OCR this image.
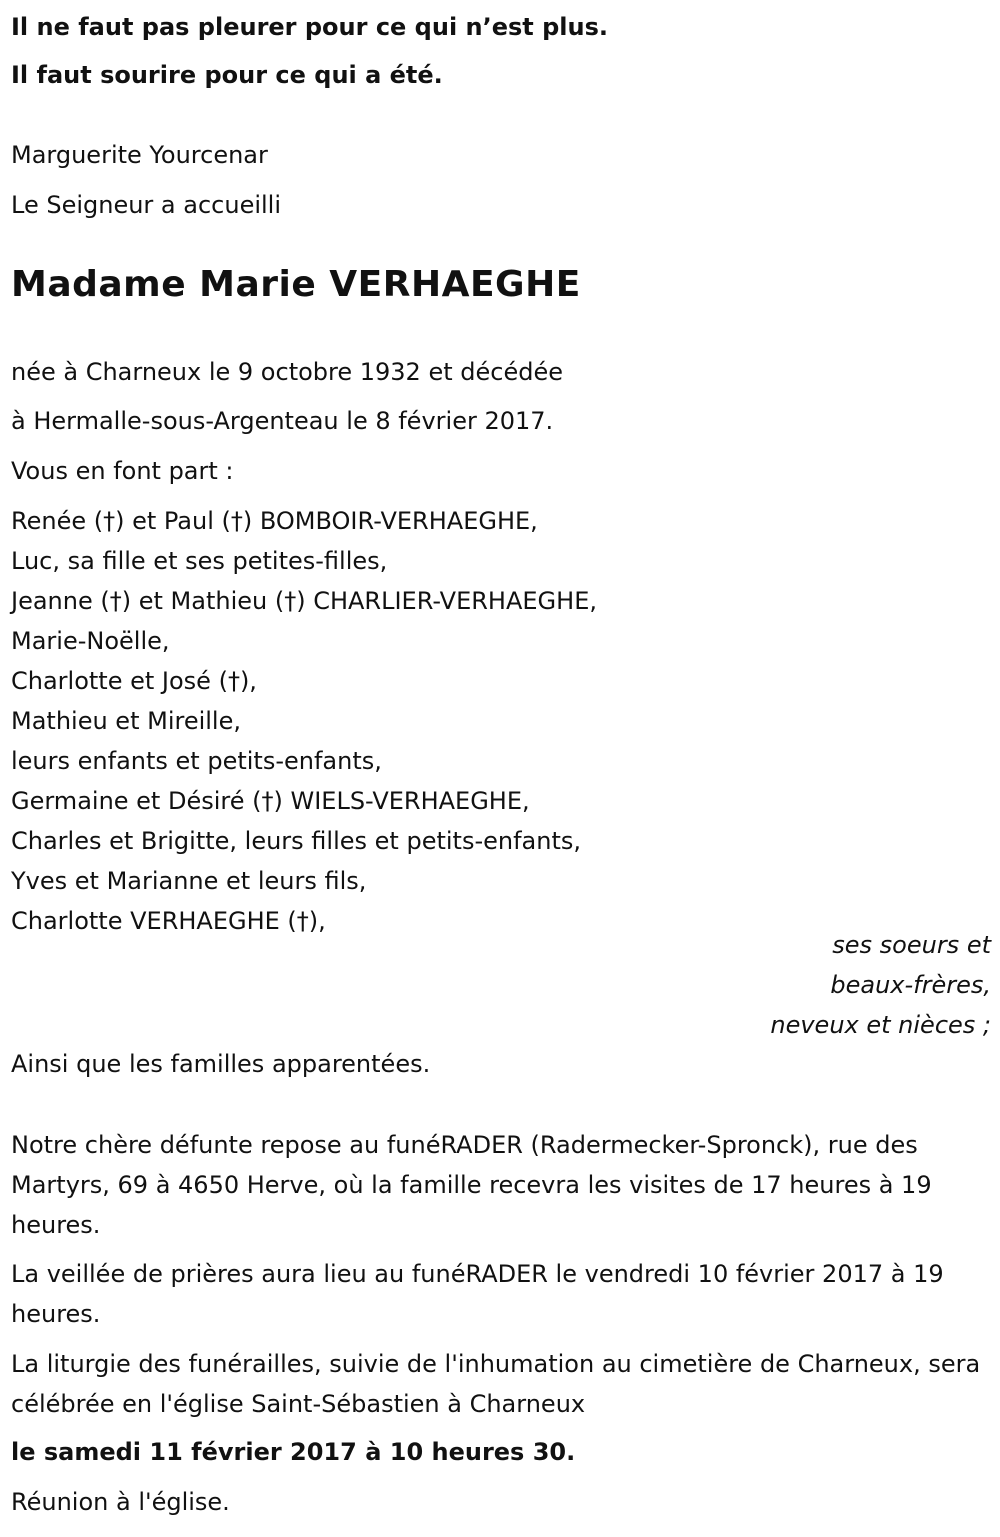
Il ne faut pas pleurer pour ce qui n’est plus.
Il faut sourire pour ce qui a été.
Marguerite Yourcenar
Le Seigneur a accueilli
Madame Marie VERHAEGHE
née à Charneux le 9 octobre 1932 et décédée
à Hermalle-sous-Argenteau le 8 février 2017.
Vous en font part :
Renée (†) et Paul (†) BOMBOIR-VERHAEGHE,
Luc, sa fille et ses petites-filles,
Jeanne (†) et Mathieu (†) CHARLIER-VERHAEGHE,
Marie-Noëlle,
Charlotte et José (†),
Mathieu et Mireille,
leurs enfants et petits-enfants,
Germaine et Désiré (†) WIELS-VERHAEGHE,
Charles et Brigitte, leurs filles et petits-enfants,
Yves et Marianne et leurs fils,
Charlotte VERHAEGHE (†),
ses soeurs et
beaux-frères,
neveux et nièces ;
Ainsi que les familles apparentées.
Notre chère défunte repose au funéRADER (Radermecker-Spronck), rue des Martyrs, 69 à 4650 Herve, où la famille recevra les visites de 17 heures à 19 heures.
La veillée de prières aura lieu au funéRADER le vendredi 10 février 2017 à 19 heures.
La liturgie des funérailles, suivie de l'inhumation au cimetière de Charneux, sera célébrée en l'église Saint-Sébastien à Charneux
le samedi 11 février 2017 à 10 heures 30.
Réunion à l'église.
